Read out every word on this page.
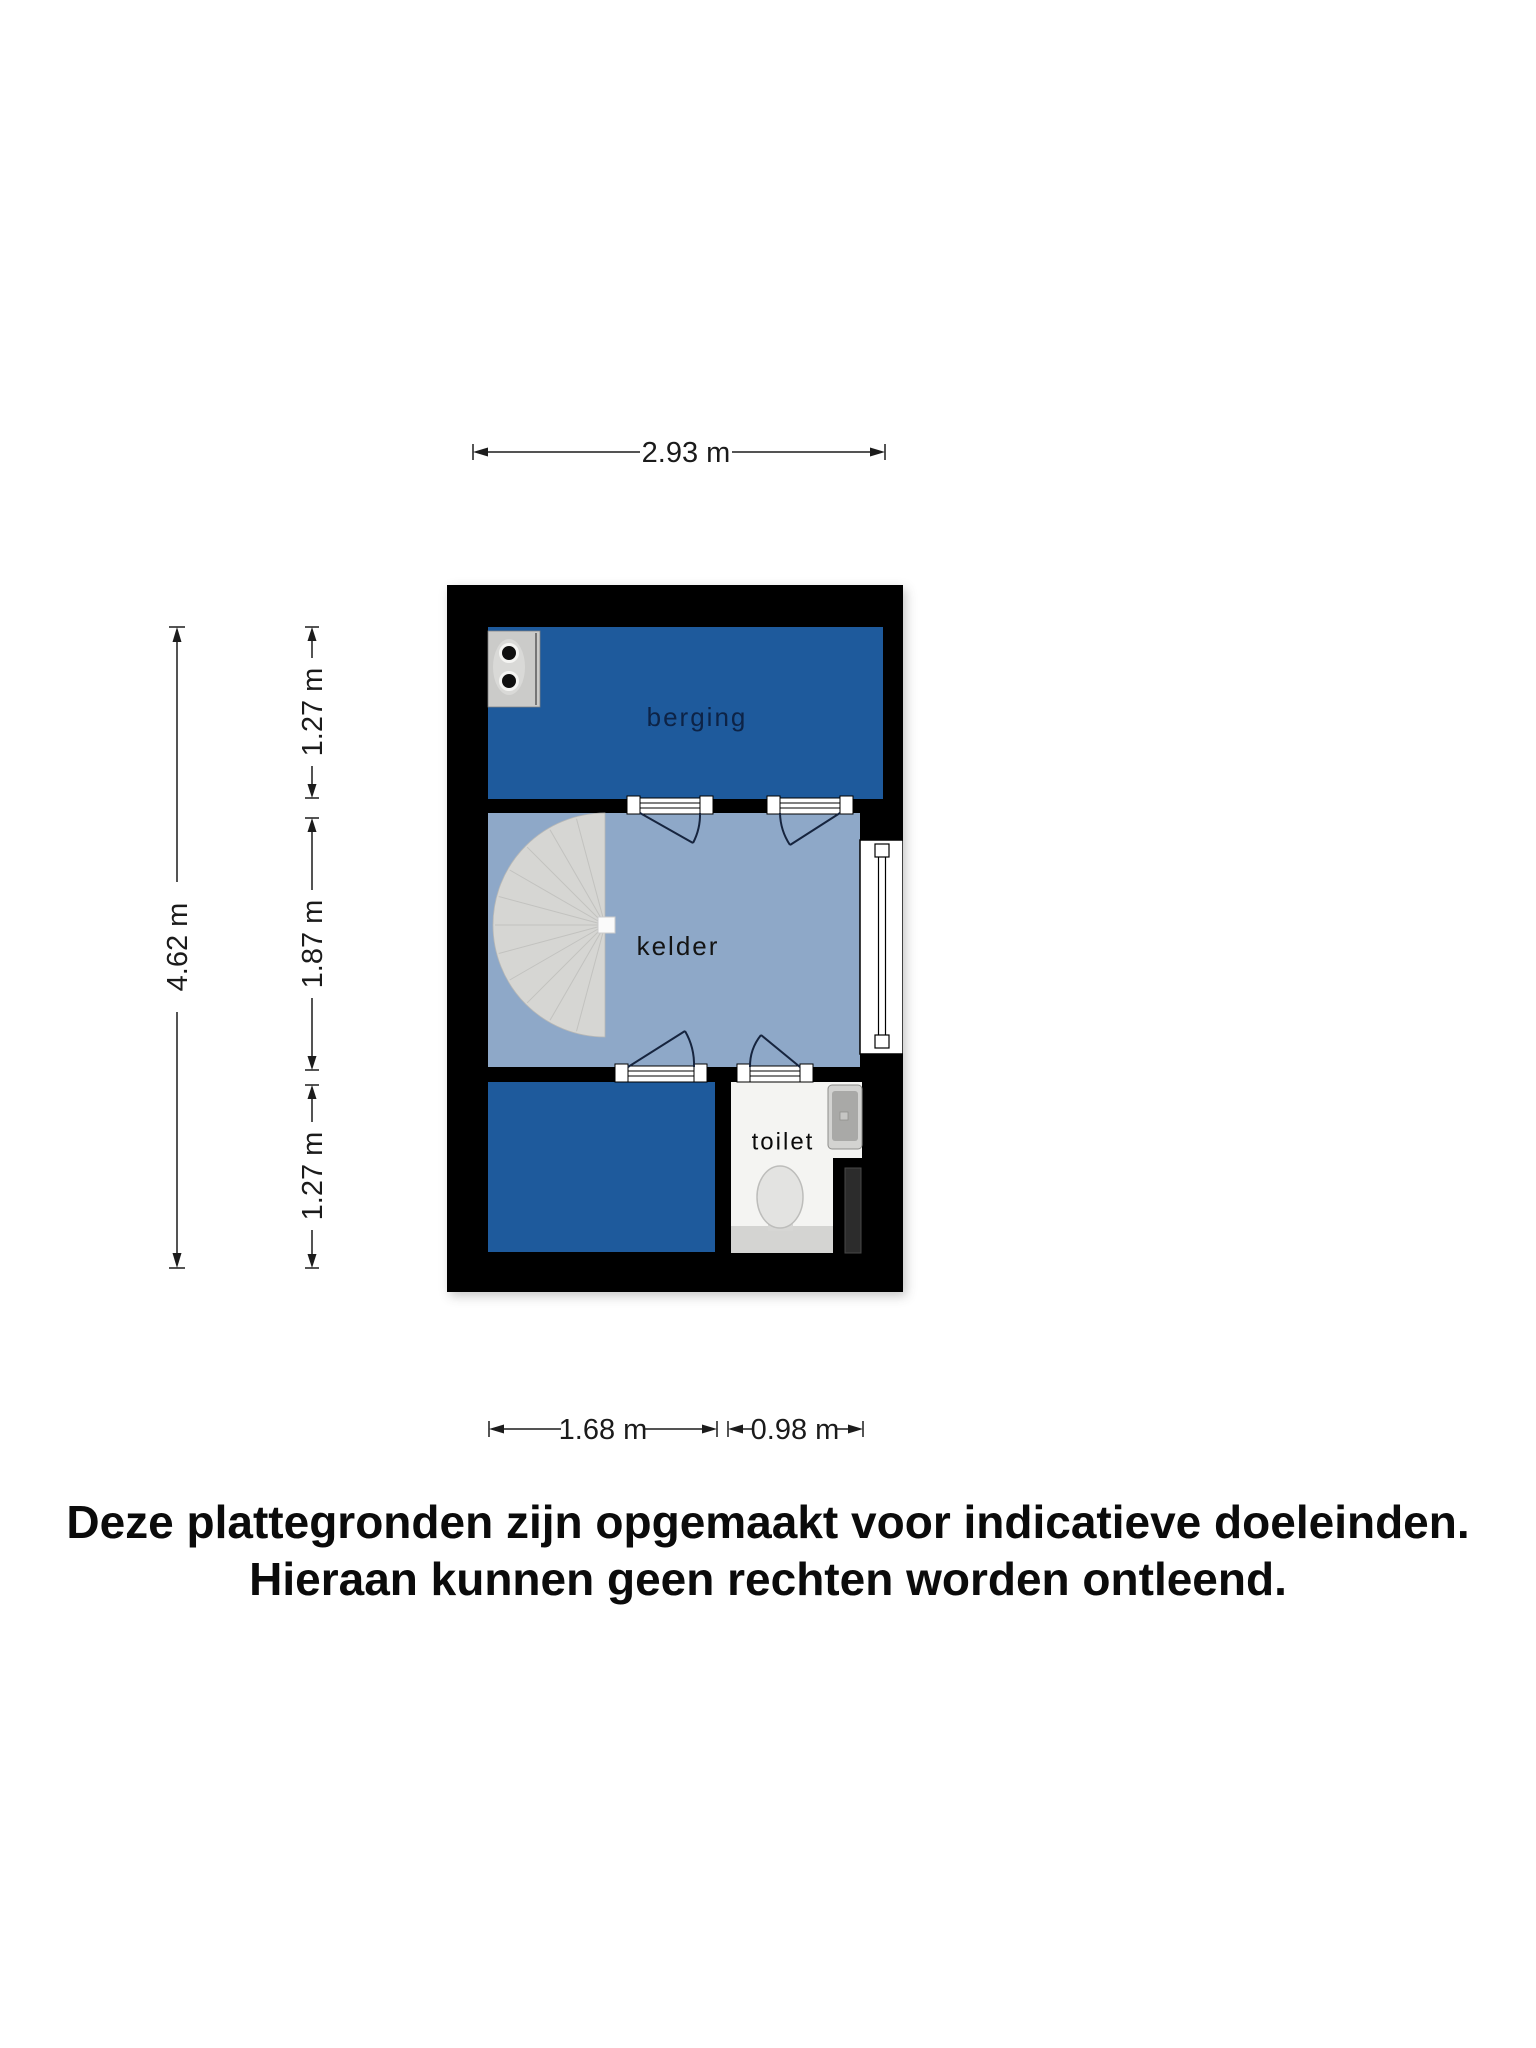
berging
kelder
toilet
2.93 m
4.62 m
1.27 m
1.87 m
1.27 m
1.68 m	0.98 m
Deze plattegronden zijn opgemaakt voor indicatieve doeleinden.
Hieraan kunnen geen rechten worden ontleend.
